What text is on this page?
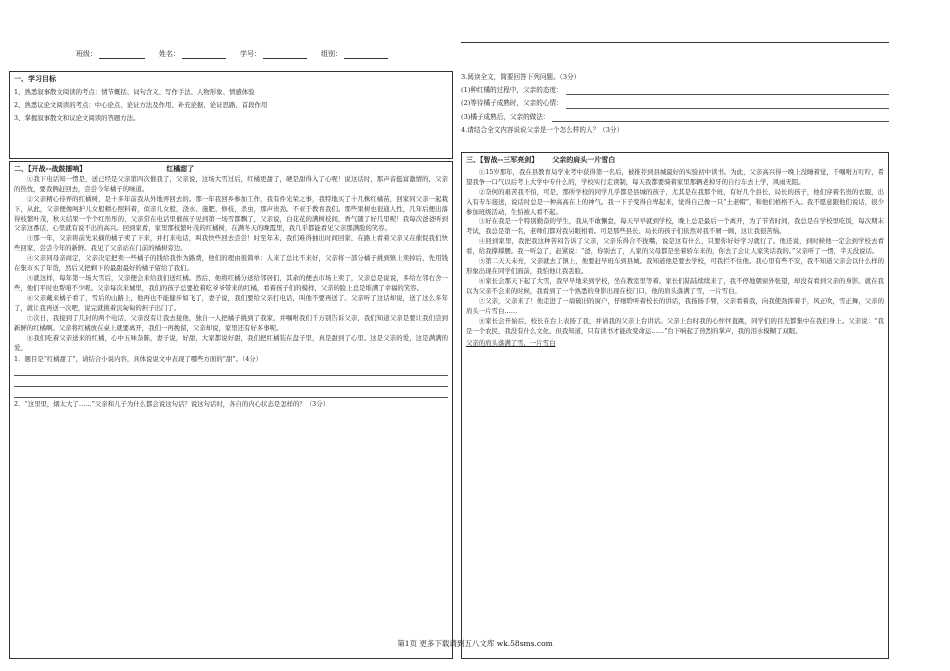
班级：	姓名：	学号：	组别：
一、学习目标
1、熟悉叙事散文阅读的考点：情节概括、词句含义、写作手法、人物形象、情感体验
2、熟悉议论文阅读的考点：中心论点、论证方法及作用、补充论据、论证思路、首段作用
3、掌握叙事散文和议论文阅读的答题方法。
二、【开战--战鼓擂响】	红橘甜了

①我下电话知一愣是，送已经是父亲第四次催我了，父亲说，这场大雪过后，红橘更甜了，硬是甜得入了心呢！说这话时，那声音挺富激情的，父亲的热忱，要我俩赶回去，尝尝今年橘子的味道。

②父亲精心侍弄的红橘树，是十多年前我从外地弄回去的。那一年我回乡参加工作，我有件光荣之事，我特地买了十几株红橘苗，回家同父亲一起栽下，从此，父亲便像呵护儿女般精心照料着，似亲儿女般，浇水、施肥、修枝、杀虫，那声贵劲。不亚于教育我们。那些果树也很通人性，几年后便出落得枝繁叶茂，秋天结果一个个红彤彤的，父亲常在电话里催孩子见到第一场雪都飘了，父亲说，白花花的满树枝间，香气随了好几里呢！我每次爸爸听到父亲这番话，心里就有说不出的高兴。回到家看，家里那枝繁叶茂的红橘树，在满冬天的晚霞里，我几乎都能看见父亲那满脸的笑容。

③那一年，父亲将前先采摘的橘子卖了下来，并打来电话，叫我快些回去尝尝！时至年末，我们难得抽出时间回家，在路上看着父亲又在催促我们快些回家，尝尝今年的新鲜。我见了父亲站在门前的橘树旁边。

④父亲同母亲商定，父亲决定把卖一些橘子的钱给我作为路费，他们的理由很简单：人来了总比不来好，父亲将一部分橘子挑到镇上卖掉后，先用钱在集市买了年货，然后又把剩下的最甜最好的橘子留给了我们。

⑤就这样，每年第一场大雪后，父亲便会来给我们送红橘。然后，他将红橘分送给邻居们，其余的便去市场上卖了，父亲总是说说，多给左邻右舍一些，他们平时也帮咱不少呢。父亲每次来城里，我们的孩子总要抢着吃爷爷带来的红橘，看着孩子们的模样，父亲的脸上总是堆满了幸福的笑容。

⑥父亲戴来橘子看了，雪后的山路上，他再也不能健步如飞了，妻子说，我们要给父亲打电话，叫他不要再送了。父亲听了这话却说，送了这么多年了，就让我再送一次吧，说完就挑着沉甸甸的担子出门了。

⑦次日，我接到了几封的两个电话，父亲没有让我去接他，独自一人把橘子挑到了我家，并嘱咐我们千万别告诉父亲，我们知道父亲是要让我们尝到新鲜的红橘啊。父亲将红橘放在桌上就要离开，我们一再挽留，父亲却说，家里还有好多事呢。

⑧我们吃着父亲送来的红橘，心中五味杂陈，妻子说，好甜，大家都说好甜，我们把红橘装在盘子里，真是甜到了心里。这是父亲的爱，这是满满的爱。

1．题目是“红橘甜了”，请结合小说内容，具体说说文中表现了哪些方面的“甜”。（4分）
2．“这里里，烟太大了……”父亲和儿子为什么都会说这句话？说这句话时，各自的内心状态是怎样的？（3分）
3.阅读全文，简要回答下列问题。（3分）
(1)种红橘的过程中，父亲的态度：
(2)等待橘子成熟时，父亲的心情：
(3)橘子成熟后，父亲的做法：
4.请结合全文内容说说父亲是一个怎么样的人？（3分）
三、【智战--三军亮剑】 父亲的肩头一片雪白

①15岁那年，我在县教育局学业考中获得第一名后，被推荐到县城最好的实验初中读书。为此，父亲高兴得一晚上没睡着觉，千嘱咐万叮咛，希望我争一口气以后考上大学中专什么的，学校实行走读制，每天我都要骑着家里那辆老掉牙的自行车去上学，风雨无阻。

②奈何的艰苦我不怕，可是，那所学校的同学几乎都是县城的孩子，尤其是在我那个班，有好几个县长、局长的孩子，他们穿着名贵的衣服，出入有专车接送，说话时总是一种高高在上的神气。我一下子变得自卑起来，觉得自己像一只“土老帽”，和他们格格不入。我不愿意跟他们说话，很少参加班级活动，生怕被人看不起。

③好在我是一个特别勤奋的学生，我从不敢懈怠，每天早早就到学校，晚上总是最后一个离开，为了节省时间，我总是在学校里吃饭，每次期末考试，我总是第一名，老师们都对我另眼相看。可是那些县长、局长的孩子们依然对我不屑一顾，这让我很苦恼。

④回到家里，我把我这种苦闷告诉了父亲，父亲乐得合不拢嘴，说是这有什么，只要你好好学习就行了。他还说，到时候他一定会到学校去看看，给我撑撑腰。我一听急了，赶紧说：“爸，你别去了，人家的父母都是坐着轿车来的，你去了会让人家笑话我的。”父亲听了一愣，半天没说话。

⑤第二天天未亮，父亲就去了镇上，他要赶早班车到县城。我知道他是要去学校，可我拦不住他。我心里有些不安，我不知道父亲会以什么样的形象出现在同学们面前，我怕他让我丢脸。

⑥家长会那天下起了大雪，我早早地来到学校，坐在教室里等着。家长们陆陆续续来了，我不停地朝窗外张望，却没有看到父亲的身影。就在我以为父亲不会来的时候，我看到了一个熟悉的身影出现在校门口，他的肩头落满了雪，一片雪白。

⑦父亲，父亲来了！他走进了一扇破旧的窗户，仔细聆听着校长的讲话，我扬扬手臂，父亲看着我，向我使劲挥着手，风正吹，雪正舞，父亲的肩头一片雪白……

⑧家长会开始后，校长在台上表扬了我，并请我的父亲上台讲话。父亲上台时我的心怦怦直跳，同学们的目光都集中在我们身上。父亲说：“我是一个农民，我没有什么文化，但我知道，只有读书才能改变命运……”台下响起了热烈的掌声，我的泪水模糊了双眼。

父亲的肩头落满了雪，一片雪白
第1页 更多下载请到五八文库 wk.58sms.com
